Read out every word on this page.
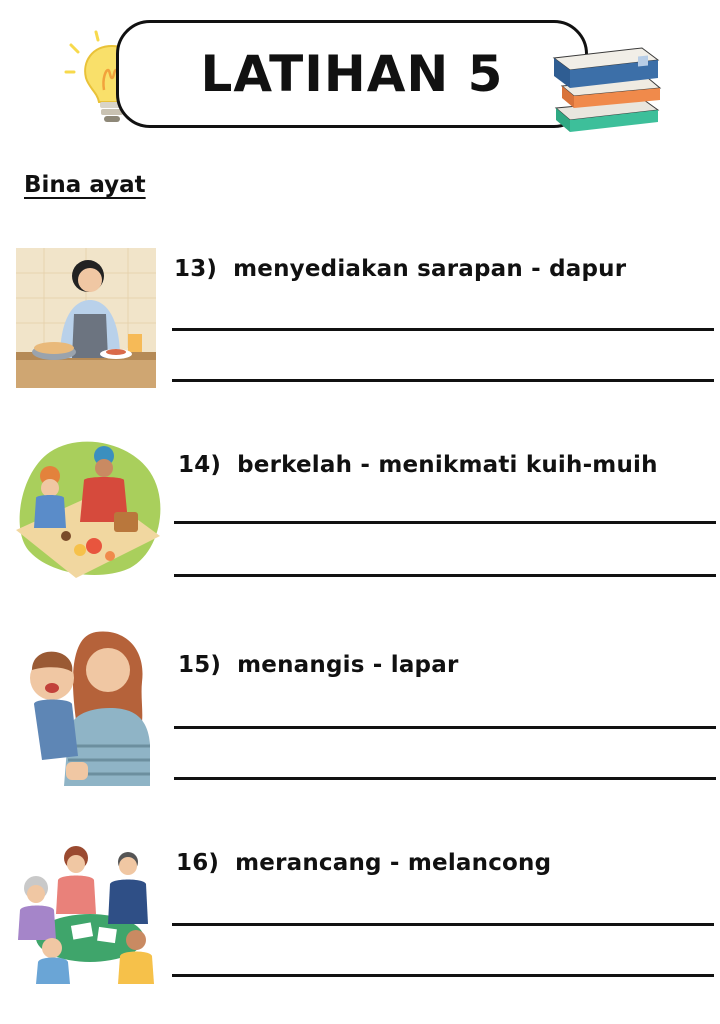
LATIHAN 5
Bina ayat
13) menyediakan sarapan - dapur
14) berkelah - menikmati kuih-muih
15) menangis - lapar
16) merancang - melancong
